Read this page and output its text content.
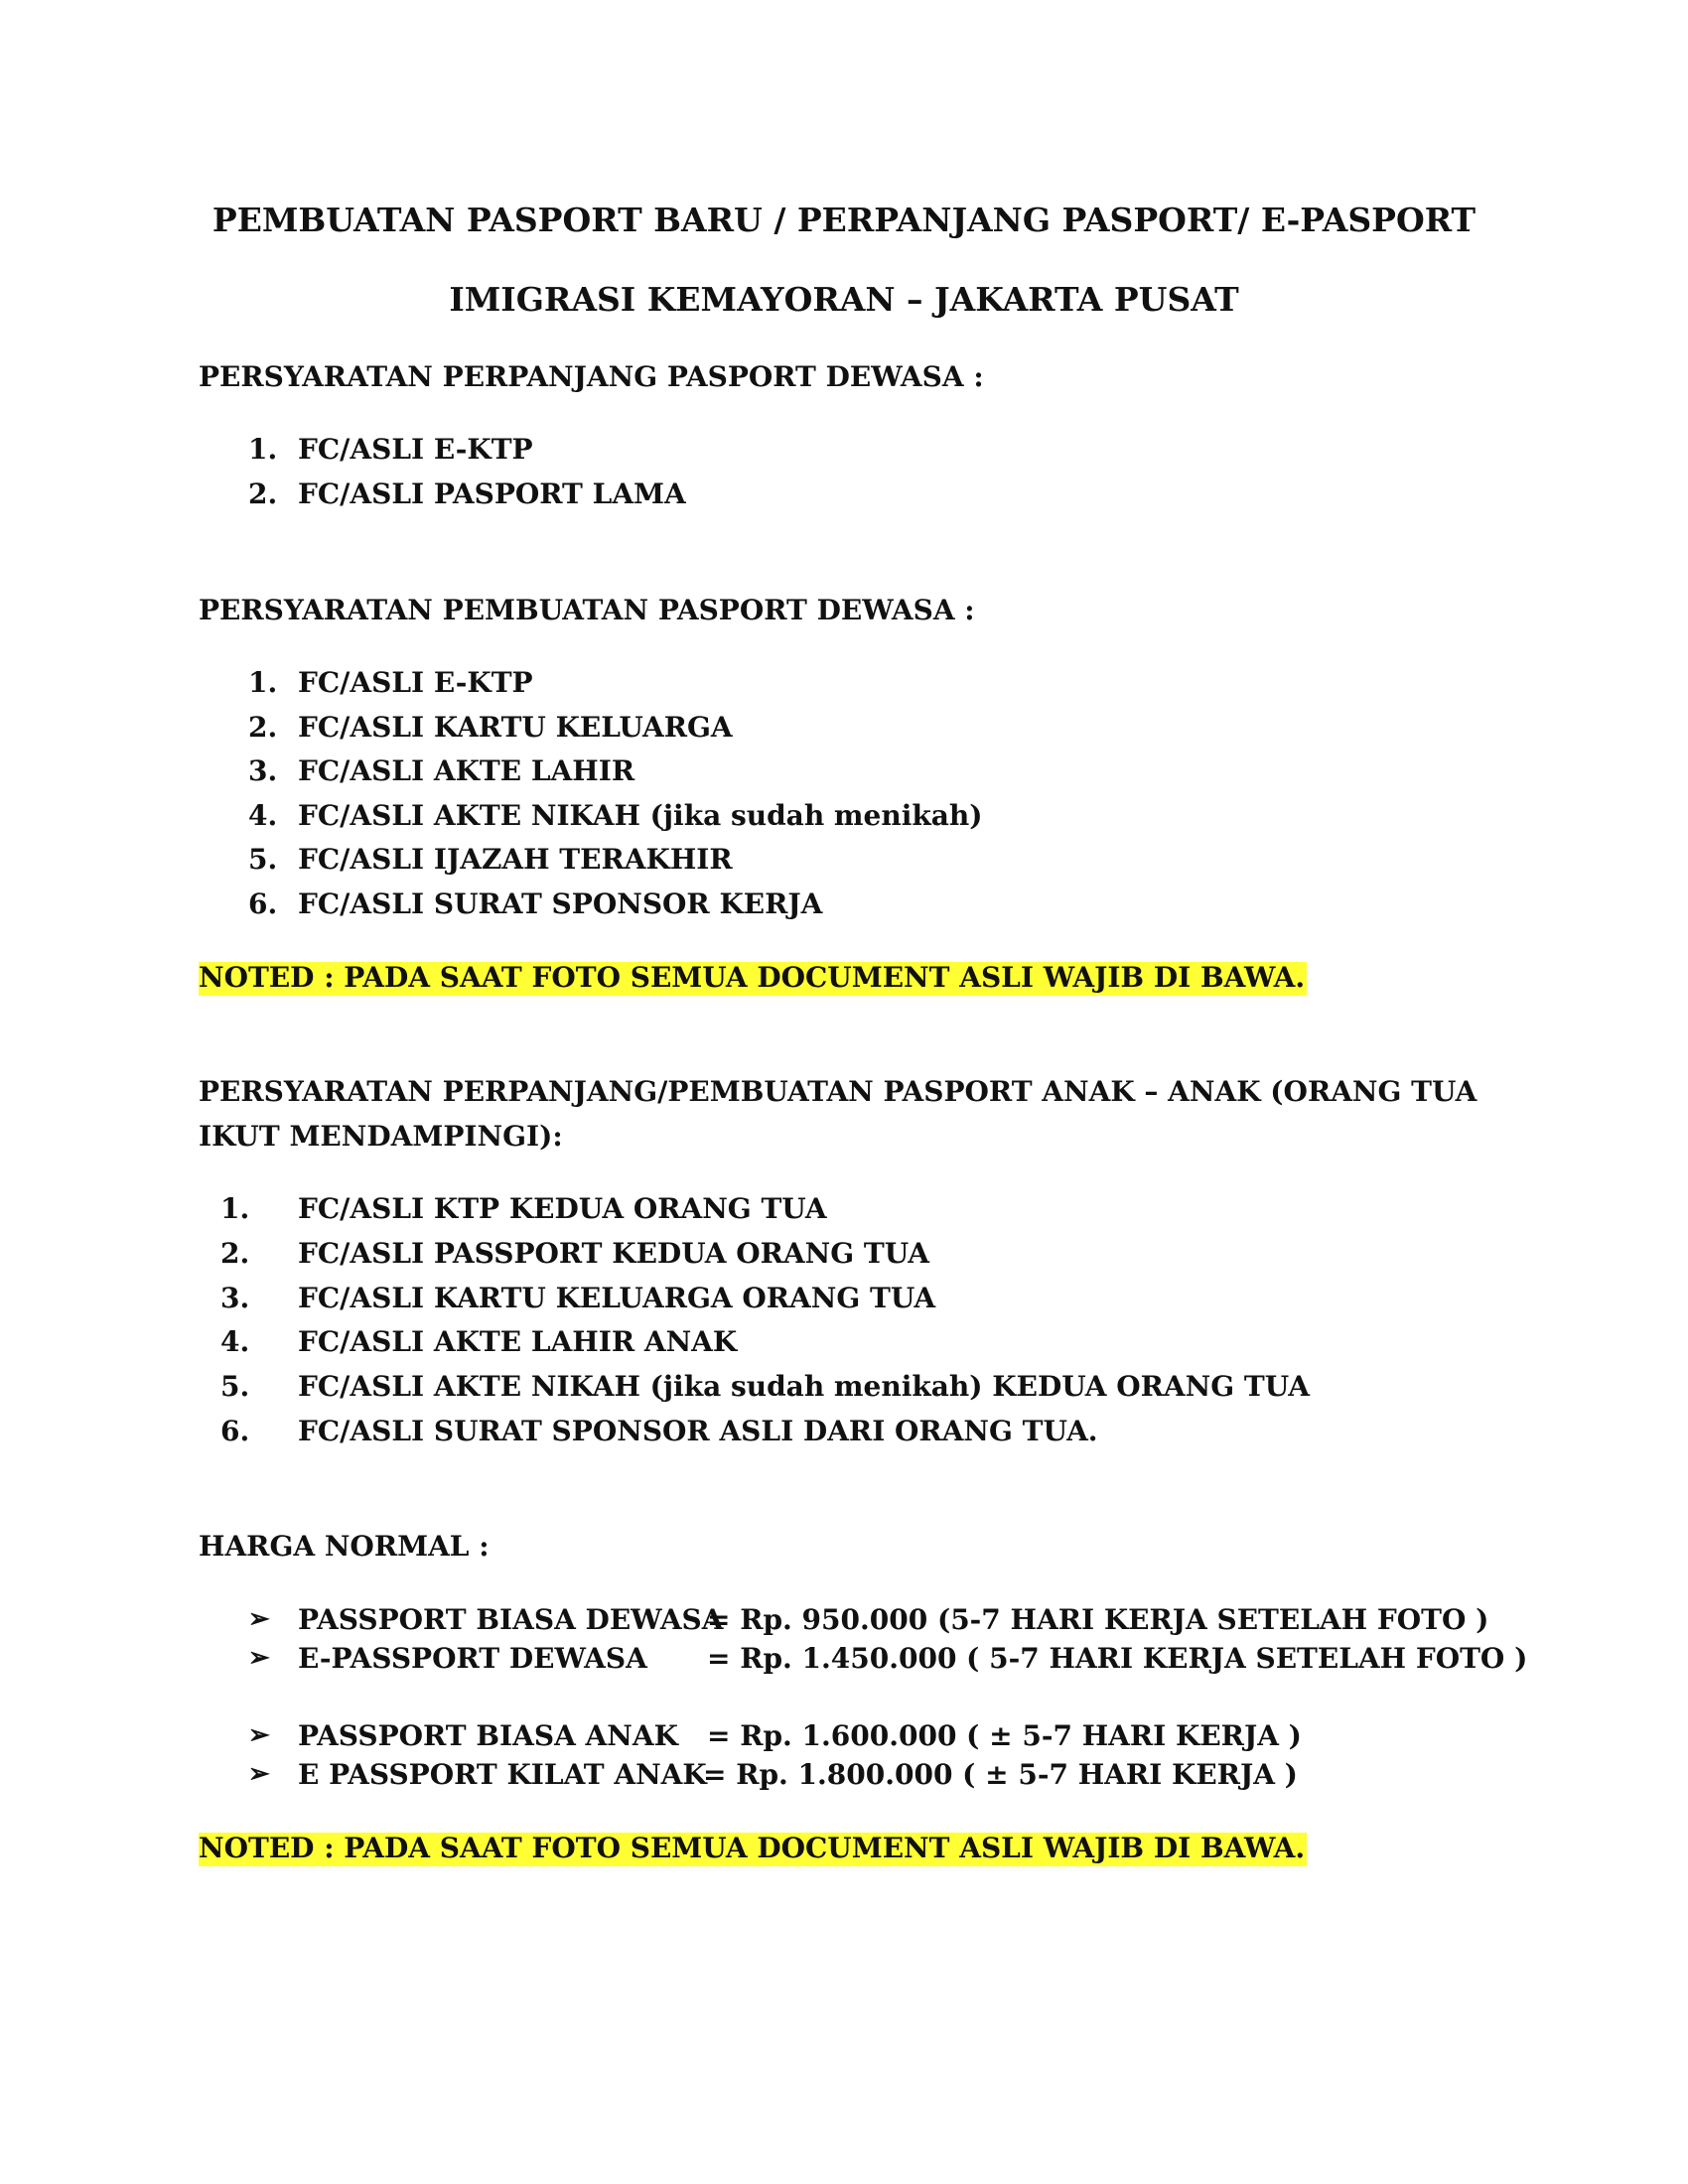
PEMBUATAN PASPORT BARU / PERPANJANG PASPORT/ E-PASPORT
IMIGRASI KEMAYORAN – JAKARTA PUSAT
PERSYARATAN PERPANJANG PASPORT DEWASA :
1. FC/ASLI E-KTP
2. FC/ASLI PASPORT LAMA
PERSYARATAN PEMBUATAN PASPORT DEWASA :
1. FC/ASLI E-KTP
2. FC/ASLI KARTU KELUARGA
3. FC/ASLI AKTE LAHIR
4. FC/ASLI AKTE NIKAH (jika sudah menikah)
5. FC/ASLI IJAZAH TERAKHIR
6. FC/ASLI SURAT SPONSOR KERJA
NOTED : PADA SAAT FOTO SEMUA DOCUMENT ASLI WAJIB DI BAWA.
PERSYARATAN PERPANJANG/PEMBUATAN PASPORT ANAK – ANAK (ORANG TUA
IKUT MENDAMPINGI):
1. FC/ASLI KTP KEDUA ORANG TUA
2. FC/ASLI PASSPORT KEDUA ORANG TUA
3. FC/ASLI KARTU KELUARGA ORANG TUA
4. FC/ASLI AKTE LAHIR ANAK
5. FC/ASLI AKTE NIKAH (jika sudah menikah) KEDUA ORANG TUA
6. FC/ASLI SURAT SPONSOR ASLI DARI ORANG TUA.
HARGA NORMAL :
➢ PASSPORT BIASA DEWASA
= Rp. 950.000 (5-7 HARI KERJA SETELAH FOTO )
➢ E-PASSPORT DEWASA = Rp. 1.450.000 ( 5-7 HARI KERJA SETELAH FOTO )
➢ PASSPORT BIASA ANAK = Rp. 1.600.000 ( ± 5-7 HARI KERJA )
➢ E PASSPORT KILAT ANAK
= Rp. 1.800.000 ( ± 5-7 HARI KERJA )
NOTED : PADA SAAT FOTO SEMUA DOCUMENT ASLI WAJIB DI BAWA.
